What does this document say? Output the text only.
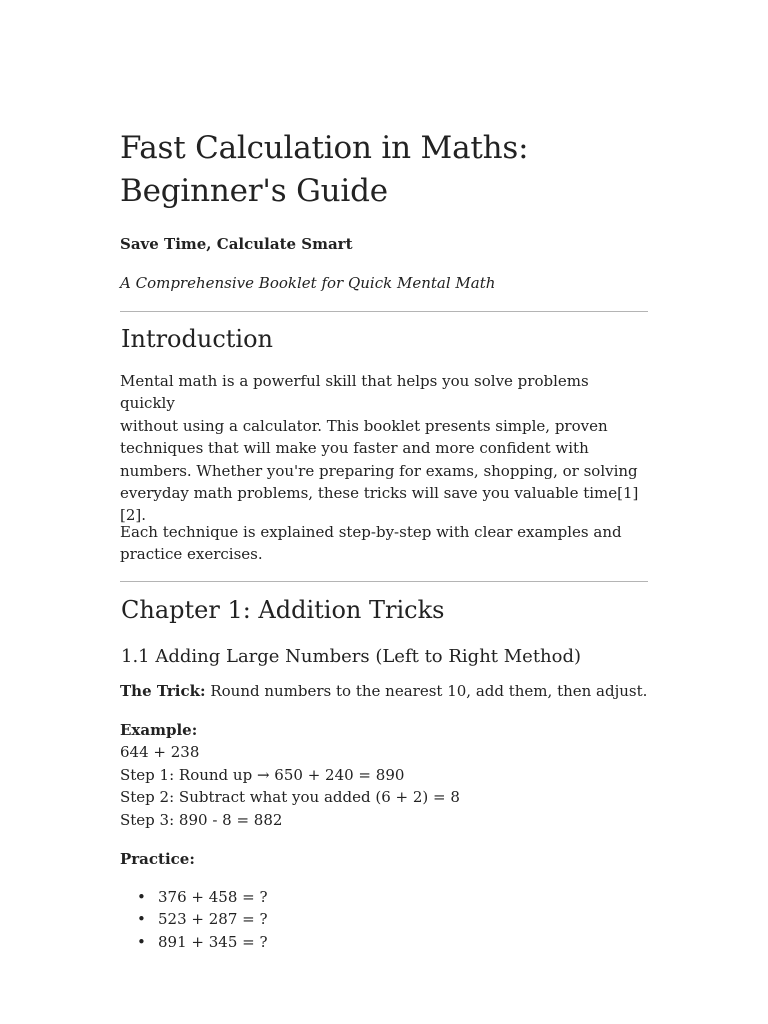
Fast Calculation in Maths:
Beginner's Guide
Save Time, Calculate Smart
A Comprehensive Booklet for Quick Mental Math
Introduction

Mental math is a powerful skill that helps you solve problems quickly
without using a calculator. This booklet presents simple, proven
techniques that will make you faster and more confident with
numbers. Whether you're preparing for exams, shopping, or solving
everyday math problems, these tricks will save you valuable time[1]
[2].

Each technique is explained step-by-step with clear examples and
practice exercises.

Chapter 1: Addition Tricks
1.1 Adding Large Numbers (Left to Right Method)

The Trick: Round numbers to the nearest 10, add them, then adjust.

Example:
644 + 238
Step 1: Round up → 650 + 240 = 890
Step 2: Subtract what you added (6 + 2) = 8
Step 3: 890 - 8 = 882

Practice:

• 376 + 458 = ?
• 523 + 287 = ?
• 891 + 345 = ?
